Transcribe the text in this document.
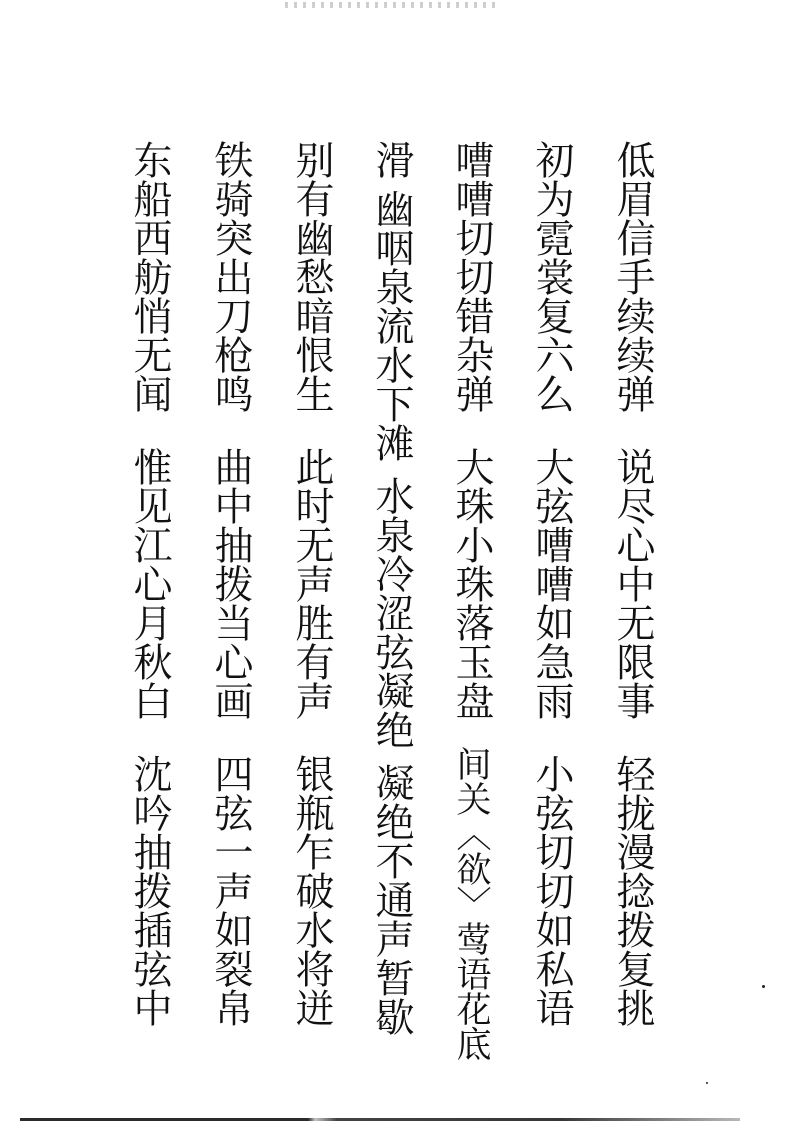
低眉信手续续弹说尽心中无限事轻拢漫捻拨复挑
初为霓裳复六么大弦嘈嘈如急雨小弦切切如私语
嘈嘈切切错杂弹大珠小珠落玉盘间关〈欲〉莺语花底
滑幽咽泉流水下滩水泉冷涩弦凝绝凝绝不通声暂歇
别有幽愁暗恨生此时无声胜有声银瓶乍破水将迸
铁骑突出刀枪鸣曲中抽拨当心画四弦一声如裂帛
东船西舫悄无闻惟见江心月秋白沈吟抽拨插弦中
